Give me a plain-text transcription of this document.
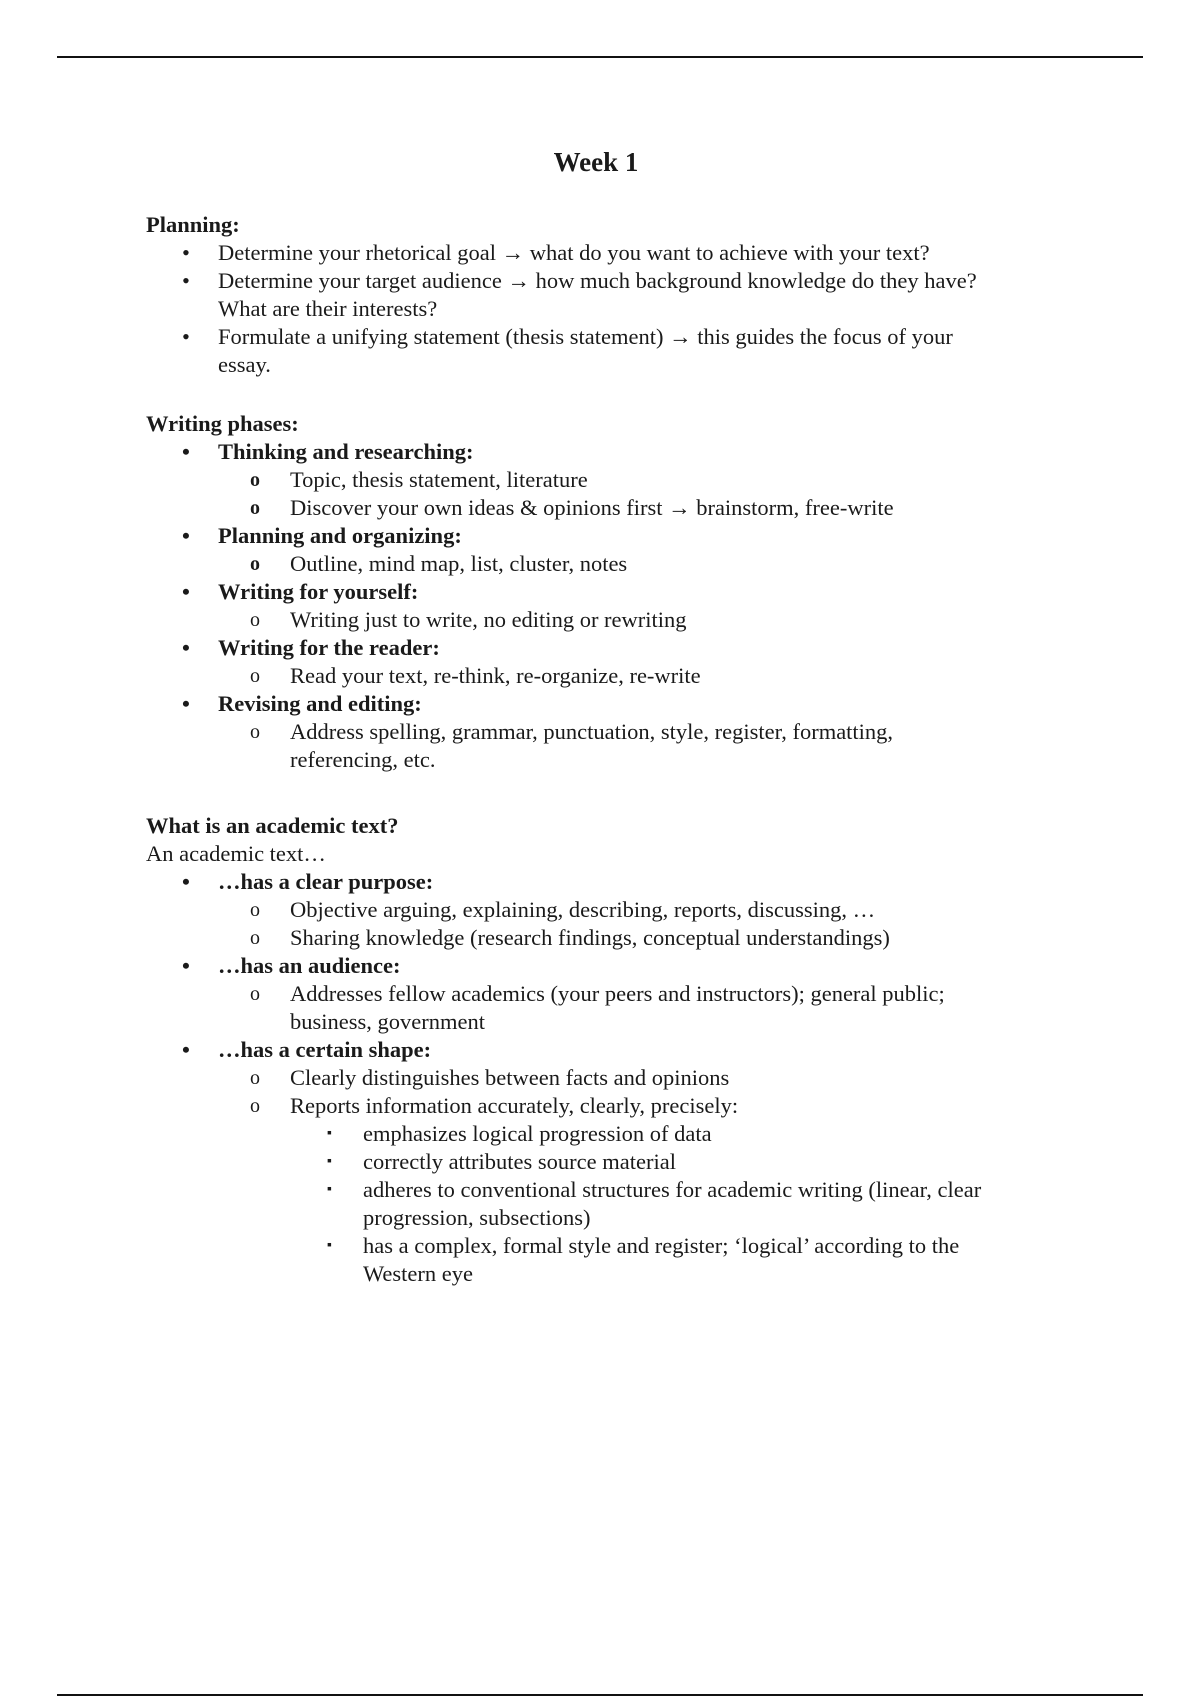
Week 1
Planning:
• Determine your rhetorical goal → what do you want to achieve with your text?
• Determine your target audience → how much background knowledge do they have?
What are their interests?
• Formulate a unifying statement (thesis statement) → this guides the focus of your
essay.
Writing phases:
• Thinking and researching:
o Topic, thesis statement, literature
o Discover your own ideas & opinions first → brainstorm, free-write
• Planning and organizing:
o Outline, mind map, list, cluster, notes
• Writing for yourself:
o Writing just to write, no editing or rewriting
• Writing for the reader:
o Read your text, re-think, re-organize, re-write
• Revising and editing:
o Address spelling, grammar, punctuation, style, register, formatting,
referencing, etc.
What is an academic text?
An academic text…
• …has a clear purpose:
o Objective arguing, explaining, describing, reports, discussing, …
o Sharing knowledge (research findings, conceptual understandings)
• …has an audience:
o Addresses fellow academics (your peers and instructors); general public;
business, government
• …has a certain shape:
o Clearly distinguishes between facts and opinions
o Reports information accurately, clearly, precisely:
▪ emphasizes logical progression of data
▪ correctly attributes source material
▪ adheres to conventional structures for academic writing (linear, clear
progression, subsections)
▪ has a complex, formal style and register; ‘logical’ according to the
Western eye
